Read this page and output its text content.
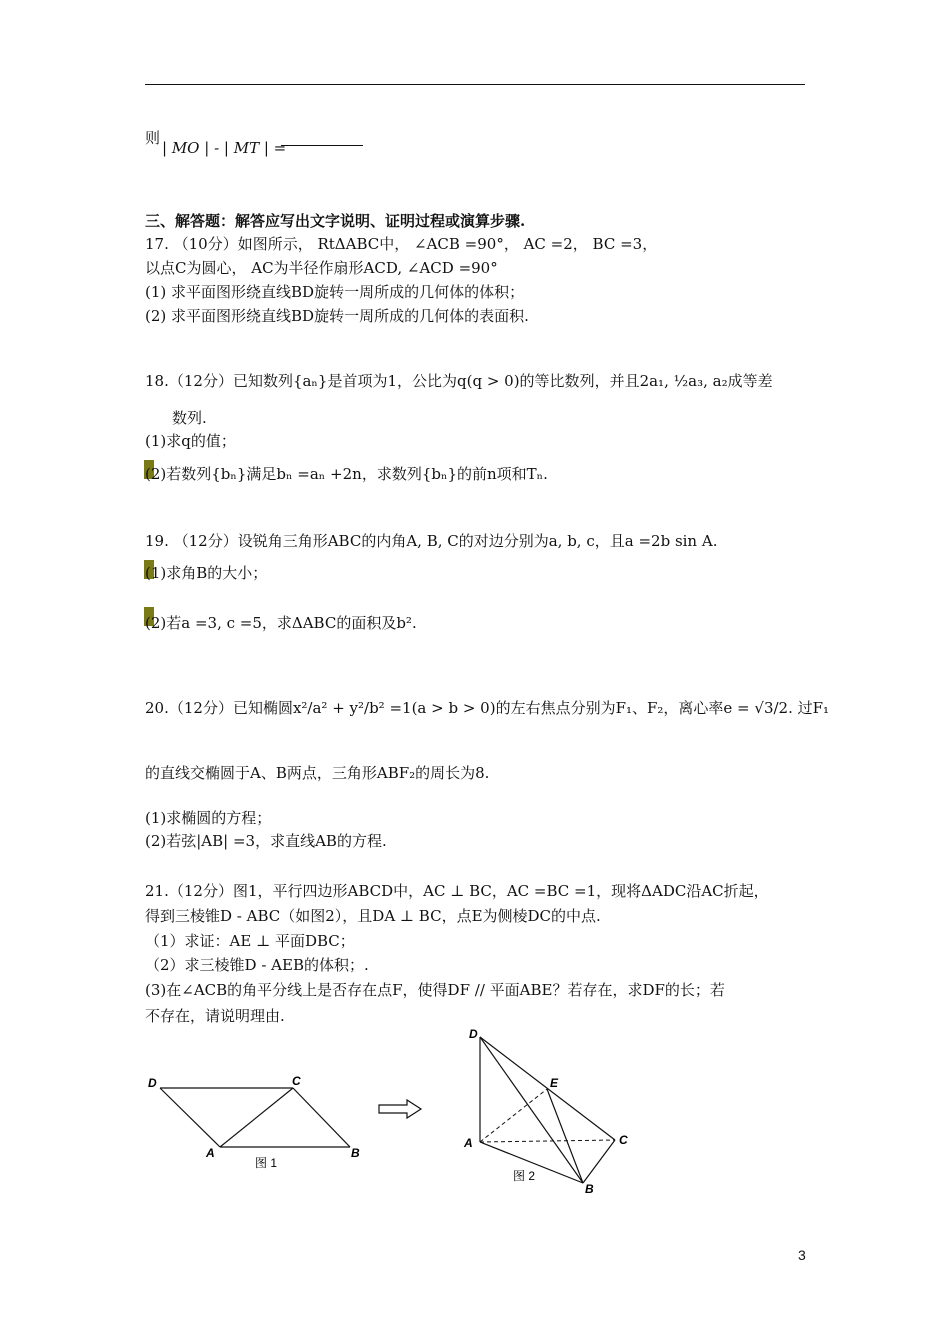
则
| MO | - | MT | =
三、解答题：解答应写出文字说明、证明过程或演算步骤.
17. （10分）如图所示， RtΔABC中， ∠ACB =90°， AC =2， BC =3，
以点C为圆心， AC为半径作扇形ACD, ∠ACD =90°
(1) 求平面图形绕直线BD旋转一周所成的几何体的体积；
(2) 求平面图形绕直线BD旋转一周所成的几何体的表面积.
18.（12分）已知数列{aₙ}是首项为1，公比为q(q > 0)的等比数列，并且2a₁, ½a₃, a₂成等差
数列.
(1)求q的值；
(2)若数列{bₙ}满足bₙ =aₙ +2n，求数列{bₙ}的前n项和Tₙ.
19. （12分）设锐角三角形ABC的内角A, B, C的对边分别为a, b, c，且a =2b sin A.
(1)求角B的大小；
(2)若a =3, c =5，求ΔABC的面积及b².
20.（12分）已知椭圆x²/a² + y²/b² =1(a > b > 0)的左右焦点分别为F₁、F₂，离心率e = √3/2. 过F₁
的直线交椭圆于A、B两点，三角形ABF₂的周长为8.
(1)求椭圆的方程；
(2)若弦|AB| =3，求直线AB的方程.
21.（12分）图1，平行四边形ABCD中，AC ⊥ BC，AC =BC =1，现将ΔADC沿AC折起，
得到三棱锥D - ABC（如图2），且DA ⊥ BC，点E为侧棱DC的中点.
（1）求证：AE ⊥ 平面DBC；
（2）求三棱锥D - AEB的体积；.
(3)在∠ACB的角平分线上是否存在点F，使得DF // 平面ABE？若存在，求DF的长；若
不存在，请说明理由.
D	C
A	B
图 1
D
E
A	C
B
图 2
3
